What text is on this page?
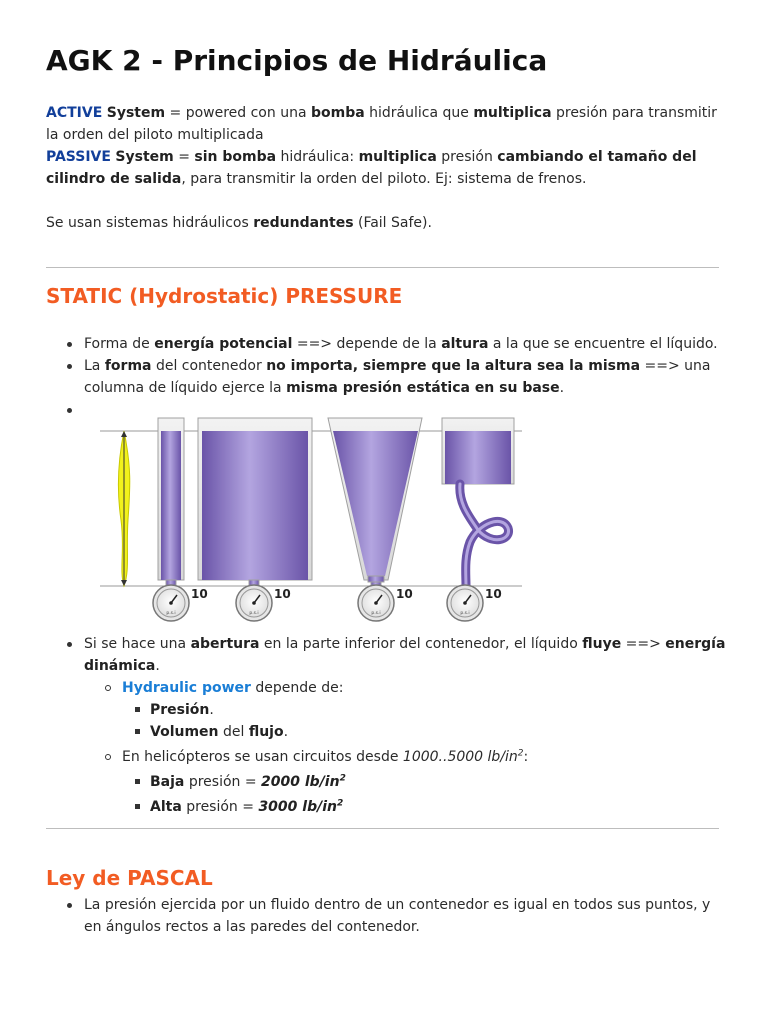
AGK 2 - Principios de Hidráulica

ACTIVE System = powered con una bomba hidráulica que multiplica presión para transmitir la orden del piloto multiplicada

PASSIVE System = sin bomba hidráulica: multiplica presión cambiando el tamaño del cilindro de salida, para transmitir la orden del piloto. Ej: sistema de frenos.

Se usan sistemas hidráulicos redundantes (Fail Safe).

STATIC (Hydrostatic) PRESSURE
Forma de energía potencial ==> depende de la altura a la que se encuentre el líquido.
La forma del contenedor no importa, siempre que la altura sea la misma ==> una columna de líquido ejerce la misma presión estática en su base.
p.s.i
10
p.s.i
10
p.s.i
10
p.s.i
10
Si se hace una abertura en la parte inferior del contenedor, el líquido fluye ==> energía dinámica.
Hydraulic power depende de:
Presión.
Volumen del flujo.
En helicópteros se usan circuitos desde 1000..5000 $lb/in^2$:
Baja presión = 2000 $lb/in^2$
Alta presión = 3000 $lb/in^2$
Ley de PASCAL
La presión ejercida por un fluido dentro de un contenedor es igual en todos sus puntos, y en ángulos rectos a las paredes del contenedor.
